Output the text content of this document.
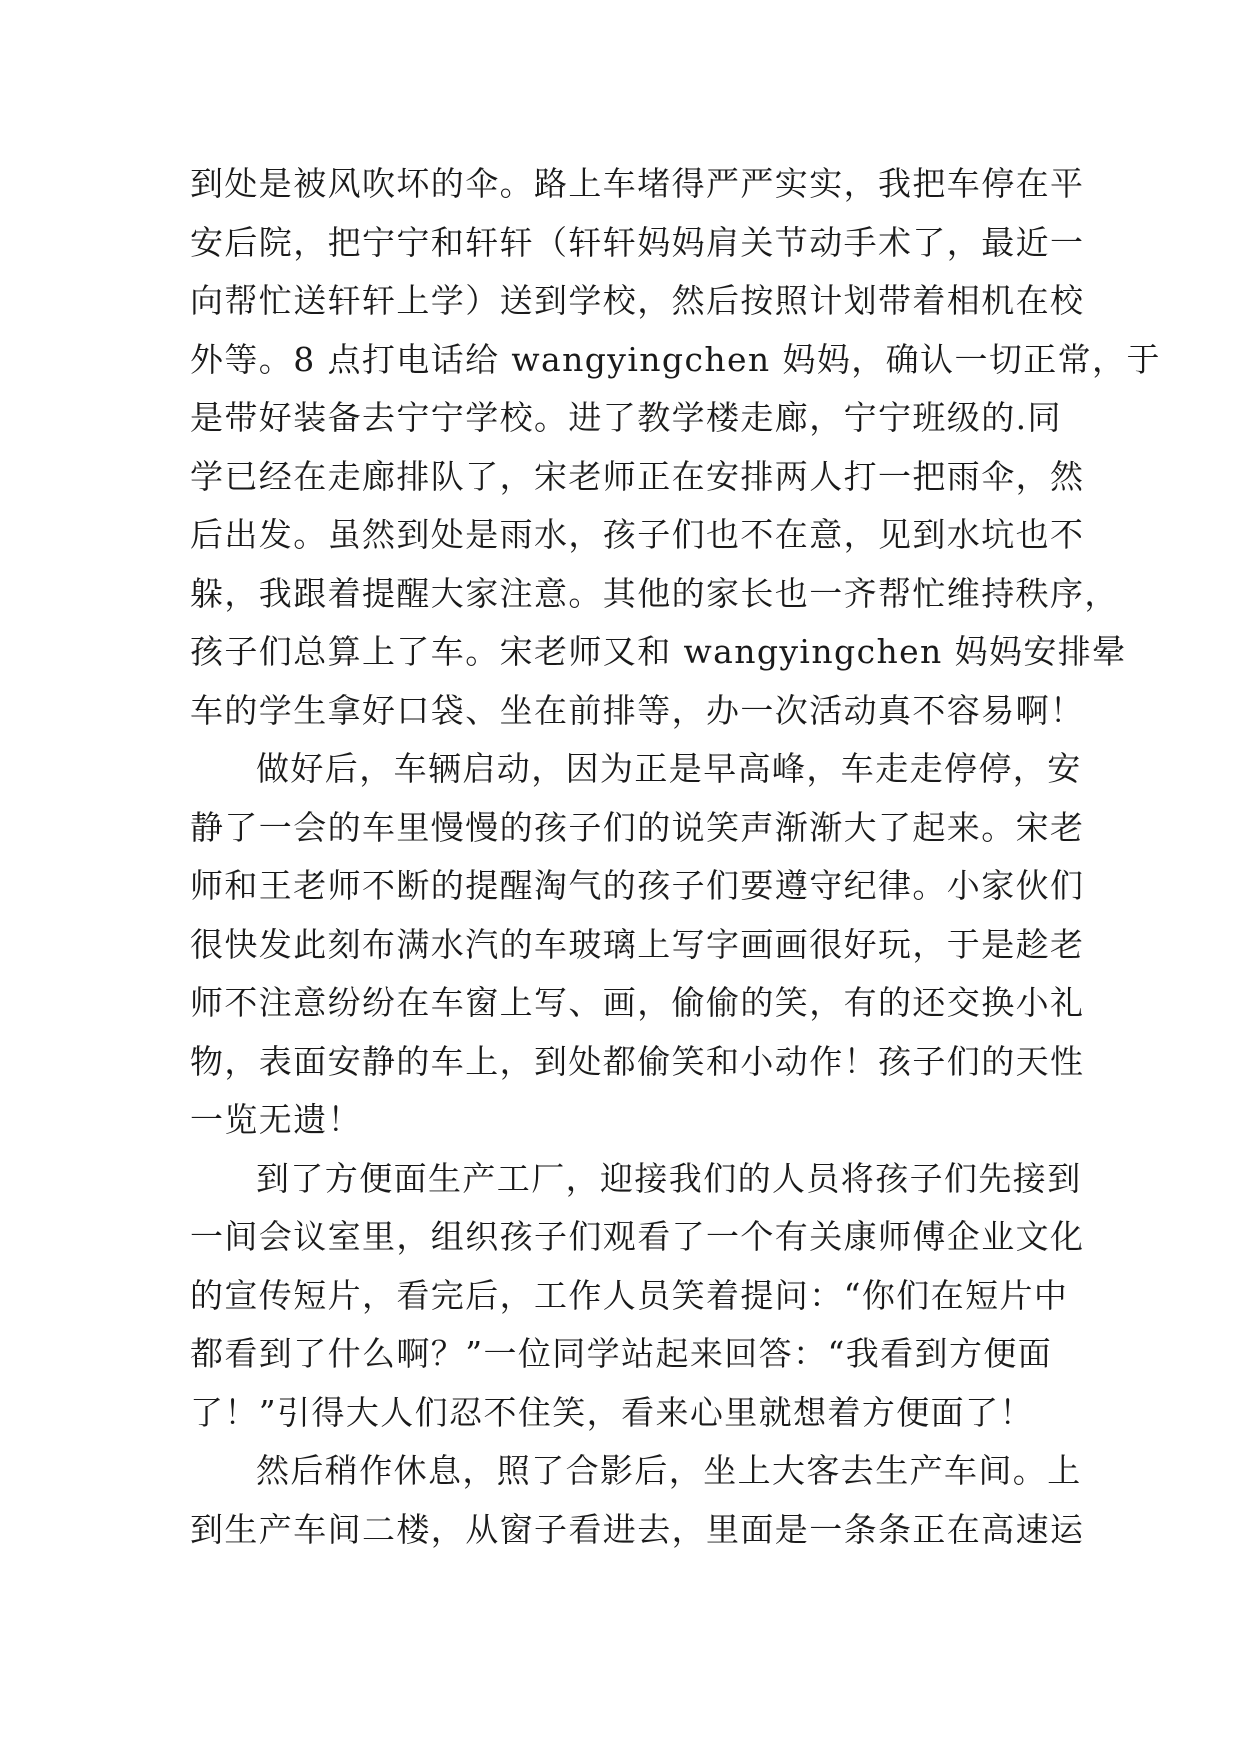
到处是被风吹坏的伞。路上车堵得严严实实，我把车停在平
安后院，把宁宁和轩轩（轩轩妈妈肩关节动手术了，最近一
向帮忙送轩轩上学）送到学校，然后按照计划带着相机在校
外等。8 点打电话给 wangyingchen 妈妈，确认一切正常，于
是带好装备去宁宁学校。进了教学楼走廊，宁宁班级的.同
学已经在走廊排队了，宋老师正在安排两人打一把雨伞，然
后出发。虽然到处是雨水，孩子们也不在意，见到水坑也不
躲，我跟着提醒大家注意。其他的家长也一齐帮忙维持秩序，
孩子们总算上了车。宋老师又和 wangyingchen 妈妈安排晕
车的学生拿好口袋、坐在前排等，办一次活动真不容易啊！
做好后，车辆启动，因为正是早高峰，车走走停停，安
静了一会的车里慢慢的孩子们的说笑声渐渐大了起来。宋老
师和王老师不断的提醒淘气的孩子们要遵守纪律。小家伙们
很快发此刻布满水汽的车玻璃上写字画画很好玩，于是趁老
师不注意纷纷在车窗上写、画，偷偷的笑，有的还交换小礼
物，表面安静的车上，到处都偷笑和小动作！孩子们的天性
一览无遗！
到了方便面生产工厂，迎接我们的人员将孩子们先接到
一间会议室里，组织孩子们观看了一个有关康师傅企业文化
的宣传短片，看完后，工作人员笑着提问：“你们在短片中
都看到了什么啊？”一位同学站起来回答：“我看到方便面
了！”引得大人们忍不住笑，看来心里就想着方便面了！
然后稍作休息，照了合影后，坐上大客去生产车间。上
到生产车间二楼，从窗子看进去，里面是一条条正在高速运
